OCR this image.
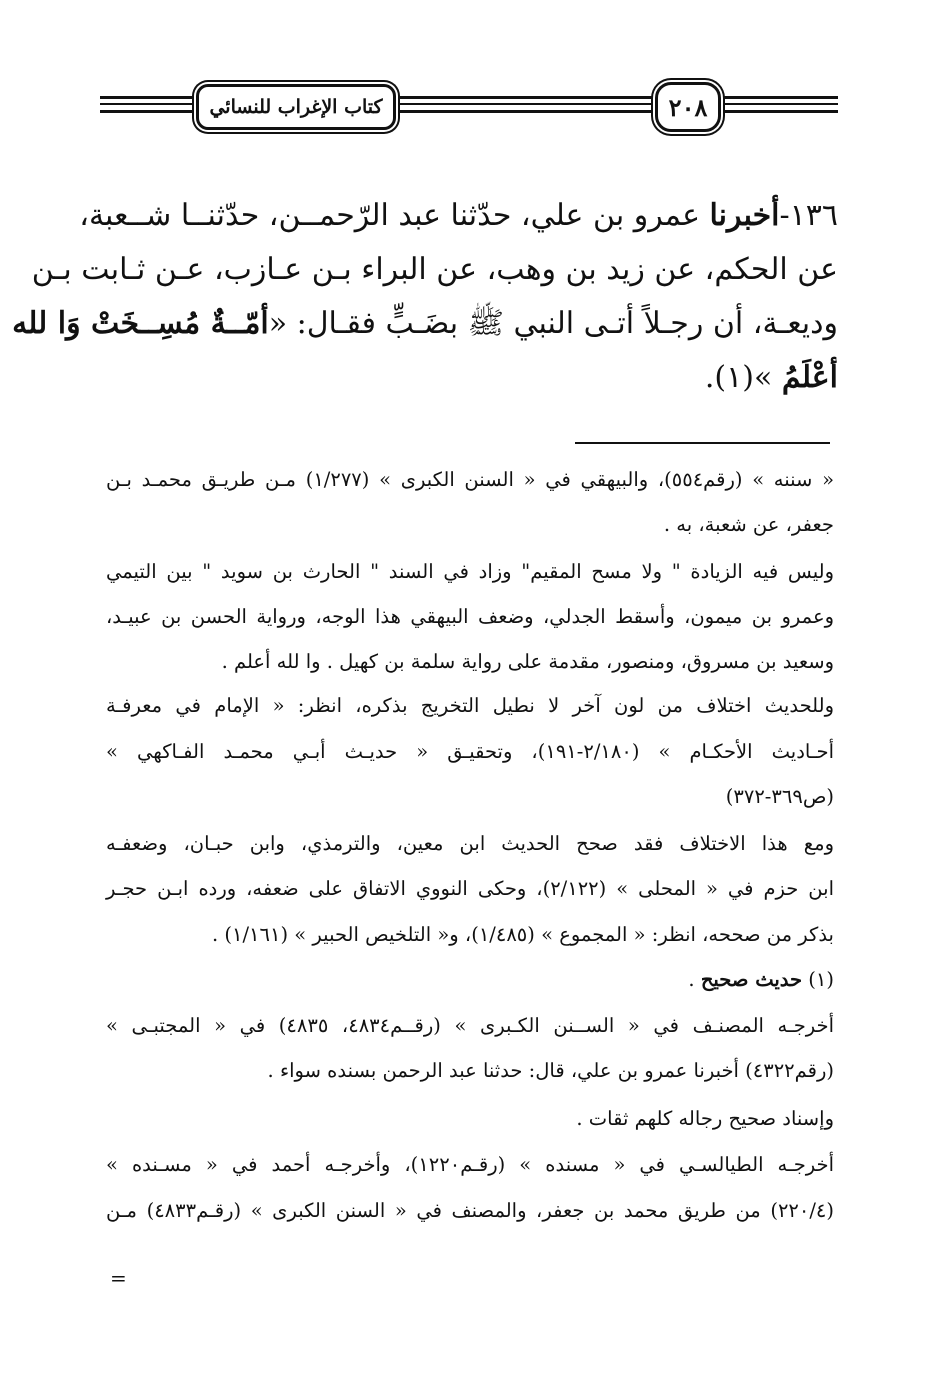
كتاب الإغراب للنسائي	٢٠٨
١٣٦-أخبرنا عمرو بن علي، حدّثنا عبد الرّحمــن، حدّثنــا شــعبة،
عن الحكم، عن زيد بن وهب، عن البراء بـن عـازب، عـن ثـابت بـن
وديعـة، أن رجـلاً أتـى النبي ﷺ بضَـبٍّ فقـال: «أمّــةٌ مُسِــخَتْ وَا لله
أعْلَمُ »(١).
« سننه » (رقم٥٥٤)، والبيهقي في « السنن الكبرى » (١/٢٧٧) مـن طريـق محمـد بـن
جعفر، عن شعبة، به .
وليس فيه الزيادة " ولا مسح المقيم" وزاد في السند " الحارث بن سويد " بين التيمي
وعمرو بن ميمون، وأسقط الجدلي، وضعف البيهقي هذا الوجه، ورواية الحسن بن عبيـد،
وسعيد بن مسروق، ومنصور، مقدمة على رواية سلمة بن كهيل . وا لله أعلم .
وللحديث اختلاف من لون آخر لا نطيل التخريج بذكره، انظر: « الإمام في معرفـة
أحـاديث الأحكـام » (٢/١٨٠-١٩١)، وتحقيـق « حديـث أبـي محمـد الفـاكهي »
(ص٣٦٩-٣٧٢)
ومع هذا الاختلاف فقد صحح الحديث ابن معين، والترمذي، وابن حبـان، وضعفـه
ابن حزم في « المحلى » (٢/١٢٢)، وحكى النووي الاتفاق على ضعفه، ورده ابـن حجـر
بذكر من صححه، انظر: « المجموع » (١/٤٨٥)، و« التلخيص الحبير » (١/١٦١) .
(١) حديث صحيح .
أخرجـه المصنـف في « الســنن الكـبرى » (رقــم٤٨٣٤، ٤٨٣٥) في « المجتبـى »
(رقم٤٣٢٢) أخبرنا عمرو بن علي، قال: حدثنا عبد الرحمن بسنده سواء .
وإسناد صحيح رجاله كلهم ثقات .
أخرجـه الطيالسـي في « مسنده » (رقـم١٢٢٠)، وأخرجـه أحمد في « مسـنده »
(٢٢٠/٤) من طريق محمد بن جعفر، والمصنف في « السنن الكبرى » (رقـم٤٨٣٣) مـن
=
